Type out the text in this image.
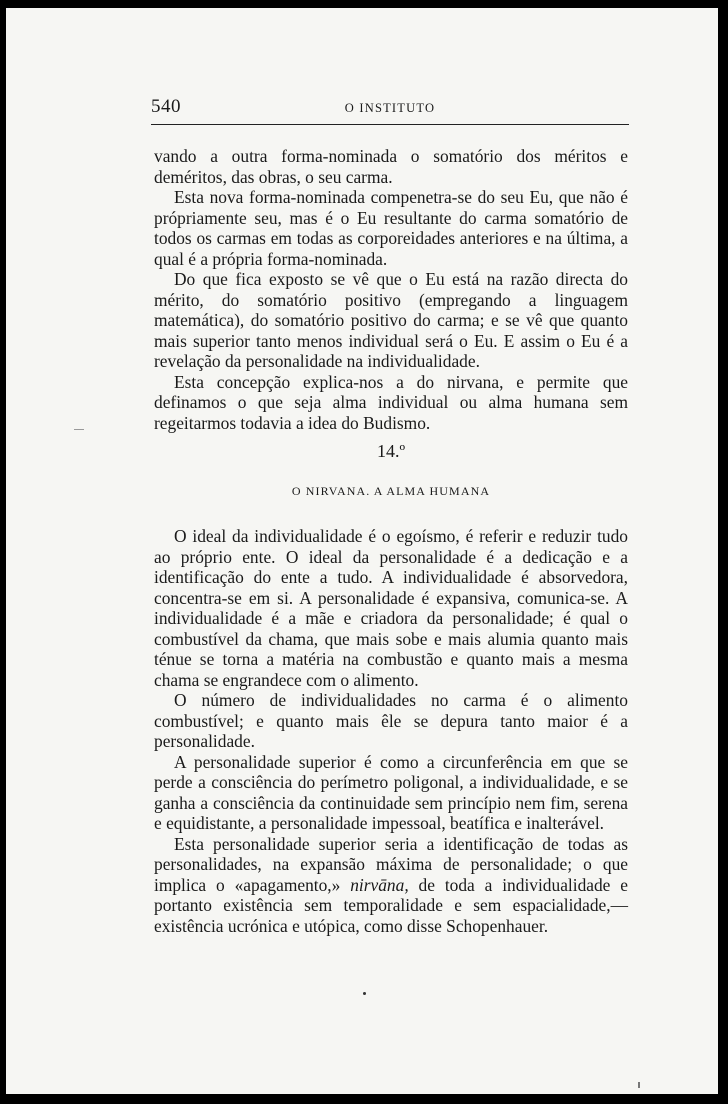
540	O INSTITUTO

vando a outra forma-nominada o somatório dos méritos e deméritos, das obras, o seu carma.

Esta nova forma-nominada compenetra-se do seu Eu, que não é própriamente seu, mas é o Eu resultante do carma somatório de todos os carmas em todas as corporeidades anteriores e na última, a qual é a própria forma-nominada.

Do que fica exposto se vê que o Eu está na razão directa do mérito, do somatório positivo (empregando a linguagem matemática), do somatório positivo do carma; e se vê que quanto mais superior tanto menos individual será o Eu. E assim o Eu é a revelação da personalidade na individualidade.

Esta concepção explica-nos a do nirvana, e permite que definamos o que seja alma individual ou alma humana sem regeitarmos todavia a idea do Budismo.

14.º
O NIRVANA. A ALMA HUMANA

O ideal da individualidade é o egoísmo, é referir e reduzir tudo ao próprio ente. O ideal da personalidade é a dedicação e a identificação do ente a tudo. A individualidade é absorvedora, concentra-se em si. A personalidade é expansiva, comunica-se. A individualidade é a mãe e criadora da personalidade; é qual o combustível da chama, que mais sobe e mais alumia quanto mais ténue se torna a matéria na combustão e quanto mais a mesma chama se engrandece com o alimento.

O número de individualidades no carma é o alimento combustível; e quanto mais êle se depura tanto maior é a personalidade.

A personalidade superior é como a circunferência em que se perde a consciência do perímetro poligonal, a individualidade, e se ganha a consciência da continuidade sem princípio nem fim, serena e equidistante, a personalidade impessoal, beatífica e inalterável.

Esta personalidade superior seria a identificação de todas as personalidades, na expansão máxima de personalidade; o que implica o «apagamento,» nirvāna, de toda a individualidade e portanto existência sem temporalidade e sem espacialidade,— existência ucrónica e utópica, como disse Schopenhauer.
